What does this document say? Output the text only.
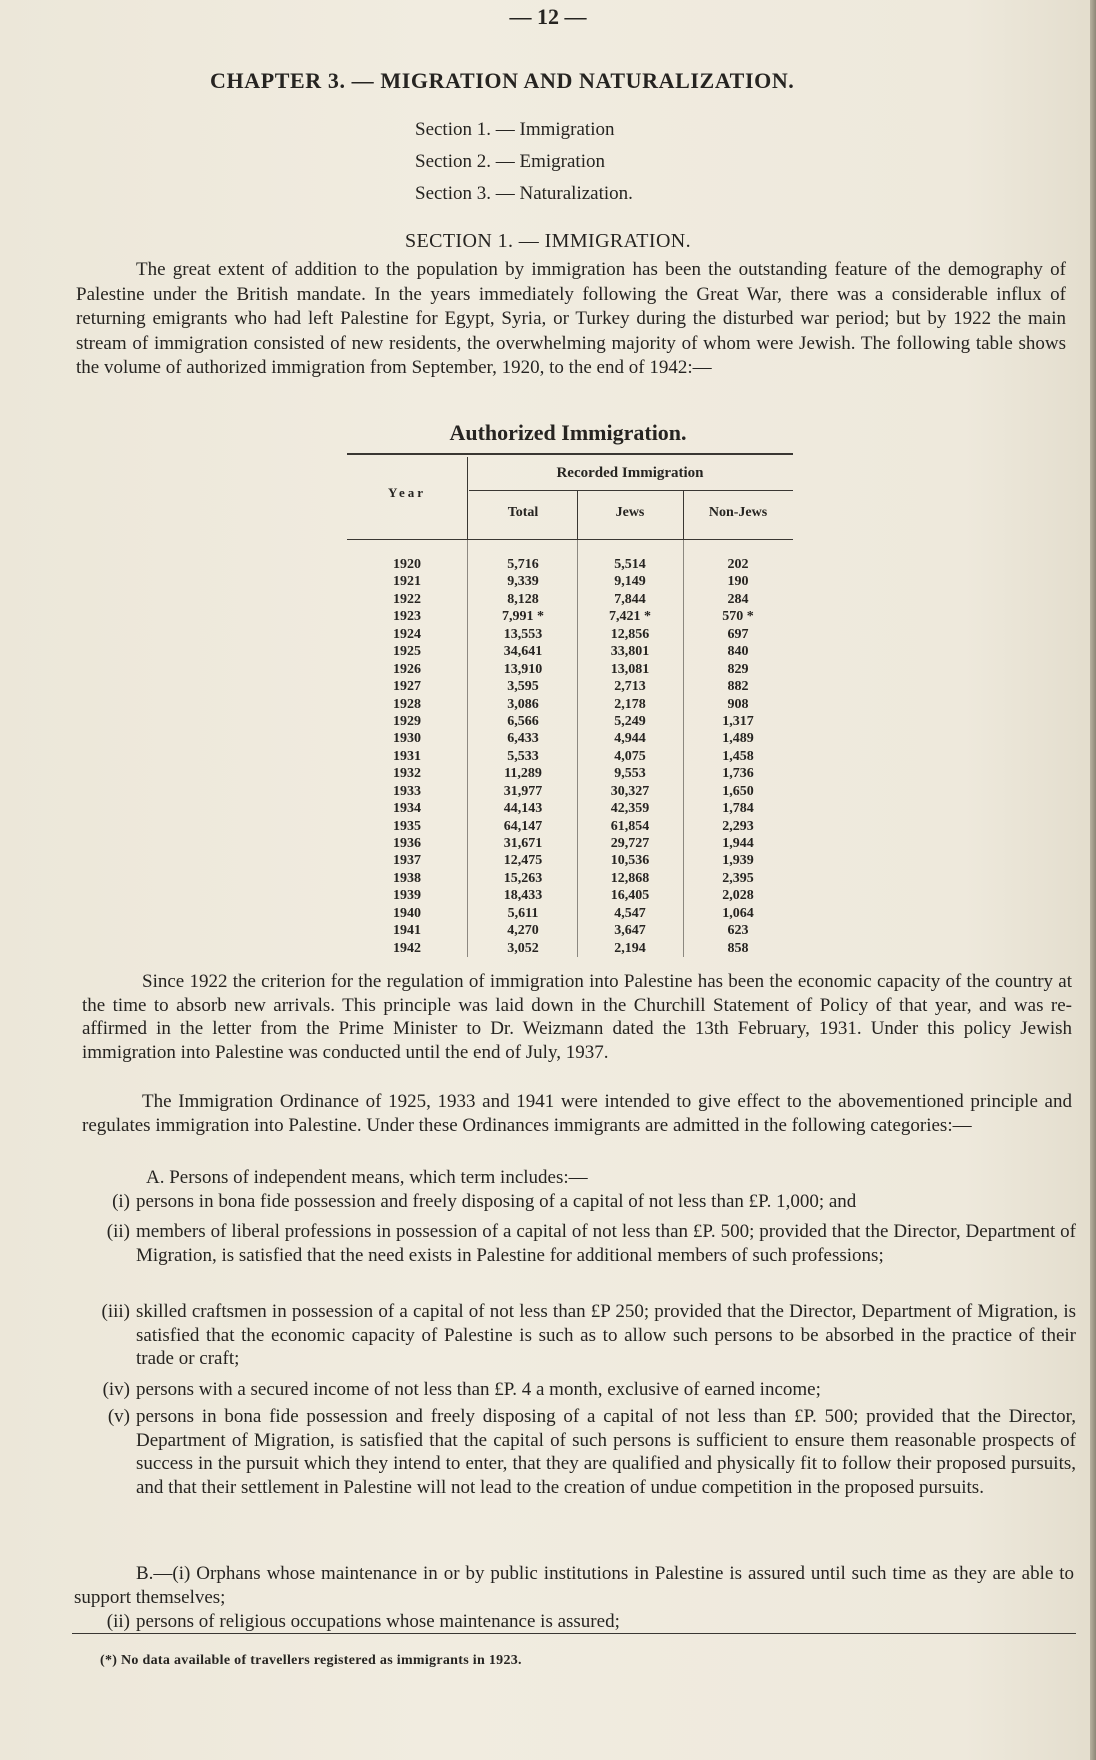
— 12 —
CHAPTER 3. — MIGRATION AND NATURALIZATION.
Section 1. — Immigration
Section 2. — Emigration
Section 3. — Naturalization.
SECTION 1. — IMMIGRATION.
The great extent of addition to the population by immigration has been the outstanding feature of the demography of Palestine under the British mandate. In the years immediately following the Great War, there was a considerable influx of returning emigrants who had left Palestine for Egypt, Syria, or Turkey during the disturbed war period; but by 1922 the main stream of immigration consisted of new residents, the overwhelming majority of whom were Jewish. The following table shows the volume of authorized immigration from September, 1920, to the end of 1942:—
Authorized Immigration.
Year
Recorded Immigration
Total	Jews	Non-Jews
1920	5,716	5,514	202
1921	9,339	9,149	190
1922	8,128	7,844	284
1923	7,991 *	7,421 *	570 *
1924	13,553	12,856	697
1925	34,641	33,801	840
1926	13,910	13,081	829
1927	3,595	2,713	882
1928	3,086	2,178	908
1929	6,566	5,249	1,317
1930	6,433	4,944	1,489
1931	5,533	4,075	1,458
1932	11,289	9,553	1,736
1933	31,977	30,327	1,650
1934	44,143	42,359	1,784
1935	64,147	61,854	2,293
1936	31,671	29,727	1,944
1937	12,475	10,536	1,939
1938	15,263	12,868	2,395
1939	18,433	16,405	2,028
1940	5,611	4,547	1,064
1941	4,270	3,647	623
1942	3,052	2,194	858
Since 1922 the criterion for the regulation of immigration into Palestine has been the economic capacity of the country at the time to absorb new arrivals. This principle was laid down in the Churchill Statement of Policy of that year, and was re-affirmed in the letter from the Prime Minister to Dr. Weizmann dated the 13th February, 1931. Under this policy Jewish immigration into Palestine was conducted until the end of July, 1937.
The Immigration Ordinance of 1925, 1933 and 1941 were intended to give effect to the abovementioned principle and regulates immigration into Palestine. Under these Ordinances immigrants are admitted in the following categories:—
A. Persons of independent means, which term includes:—
(i) persons in bona fide possession and freely disposing of a capital of not less than £P. 1,000; and
(ii) members of liberal professions in possession of a capital of not less than £P. 500; provided that the Director, Department of Migration, is satisfied that the need exists in Palestine for additional members of such professions;
(iii) skilled craftsmen in possession of a capital of not less than £P 250; provided that the Director, Department of Migration, is satisfied that the economic capacity of Palestine is such as to allow such persons to be absorbed in the practice of their trade or craft;
(iv) persons with a secured income of not less than £P. 4 a month, exclusive of earned income;
(v) persons in bona fide possession and freely disposing of a capital of not less than £P. 500; provided that the Director, Department of Migration, is satisfied that the capital of such persons is sufficient to ensure them reasonable prospects of success in the pursuit which they intend to enter, that they are qualified and physically fit to follow their proposed pursuits, and that their settlement in Palestine will not lead to the creation of undue competition in the proposed pursuits.
B.—(i) Orphans whose maintenance in or by public institutions in Palestine is assured until such time as they are able to support themselves;
(ii) persons of religious occupations whose maintenance is assured;
(*) No data available of travellers registered as immigrants in 1923.
